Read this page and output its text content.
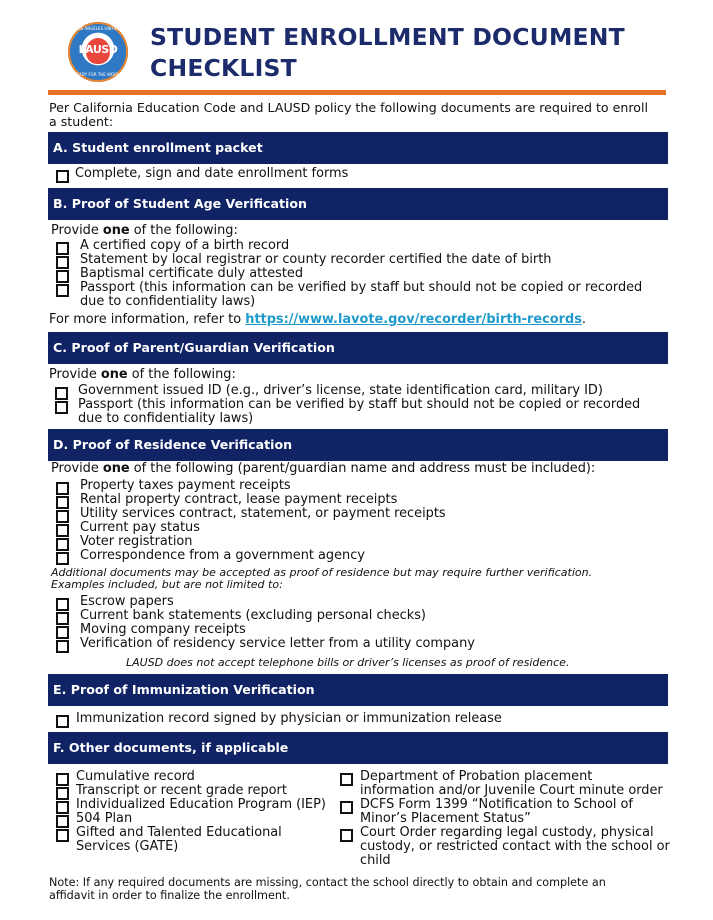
LOS ANGELES UNIFIED
LAUSD
READY FOR THE WORLD
STUDENT ENROLLMENT DOCUMENT
CHECKLIST
Per California Education Code and LAUSD policy the following documents are required to enroll
a student:
A. Student enrollment packet
Complete, sign and date enrollment forms
B. Proof of Student Age Verification
Provide one of the following:
A certified copy of a birth record
Statement by local registrar or county recorder certified the date of birth
Baptismal certificate duly attested
Passport (this information can be verified by staff but should not be copied or recorded
due to confidentiality laws)
For more information, refer to https://www.lavote.gov/recorder/birth-records.
C. Proof of Parent/Guardian Verification
Provide one of the following:
Government issued ID (e.g., driver’s license, state identification card, military ID)
Passport (this information can be verified by staff but should not be copied or recorded
due to confidentiality laws)
D. Proof of Residence Verification
Provide one of the following (parent/guardian name and address must be included):
Property taxes payment receipts
Rental property contract, lease payment receipts
Utility services contract, statement, or payment receipts
Current pay status
Voter registration
Correspondence from a government agency
Additional documents may be accepted as proof of residence but may require further verification.
Examples included, but are not limited to:
Escrow papers
Current bank statements (excluding personal checks)
Moving company receipts
Verification of residency service letter from a utility company
LAUSD does not accept telephone bills or driver’s licenses as proof of residence.
E. Proof of Immunization Verification
Immunization record signed by physician or immunization release
F. Other documents, if applicable
Cumulative record
Transcript or recent grade report
Individualized Education Program (IEP)
504 Plan
Gifted and Talented Educational
Services (GATE)
Department of Probation placement
information and/or Juvenile Court minute order
DCFS Form 1399 “Notification to School of
Minor’s Placement Status”
Court Order regarding legal custody, physical
custody, or restricted contact with the school or
child
Note: If any required documents are missing, contact the school directly to obtain and complete an
affidavit in order to finalize the enrollment.
